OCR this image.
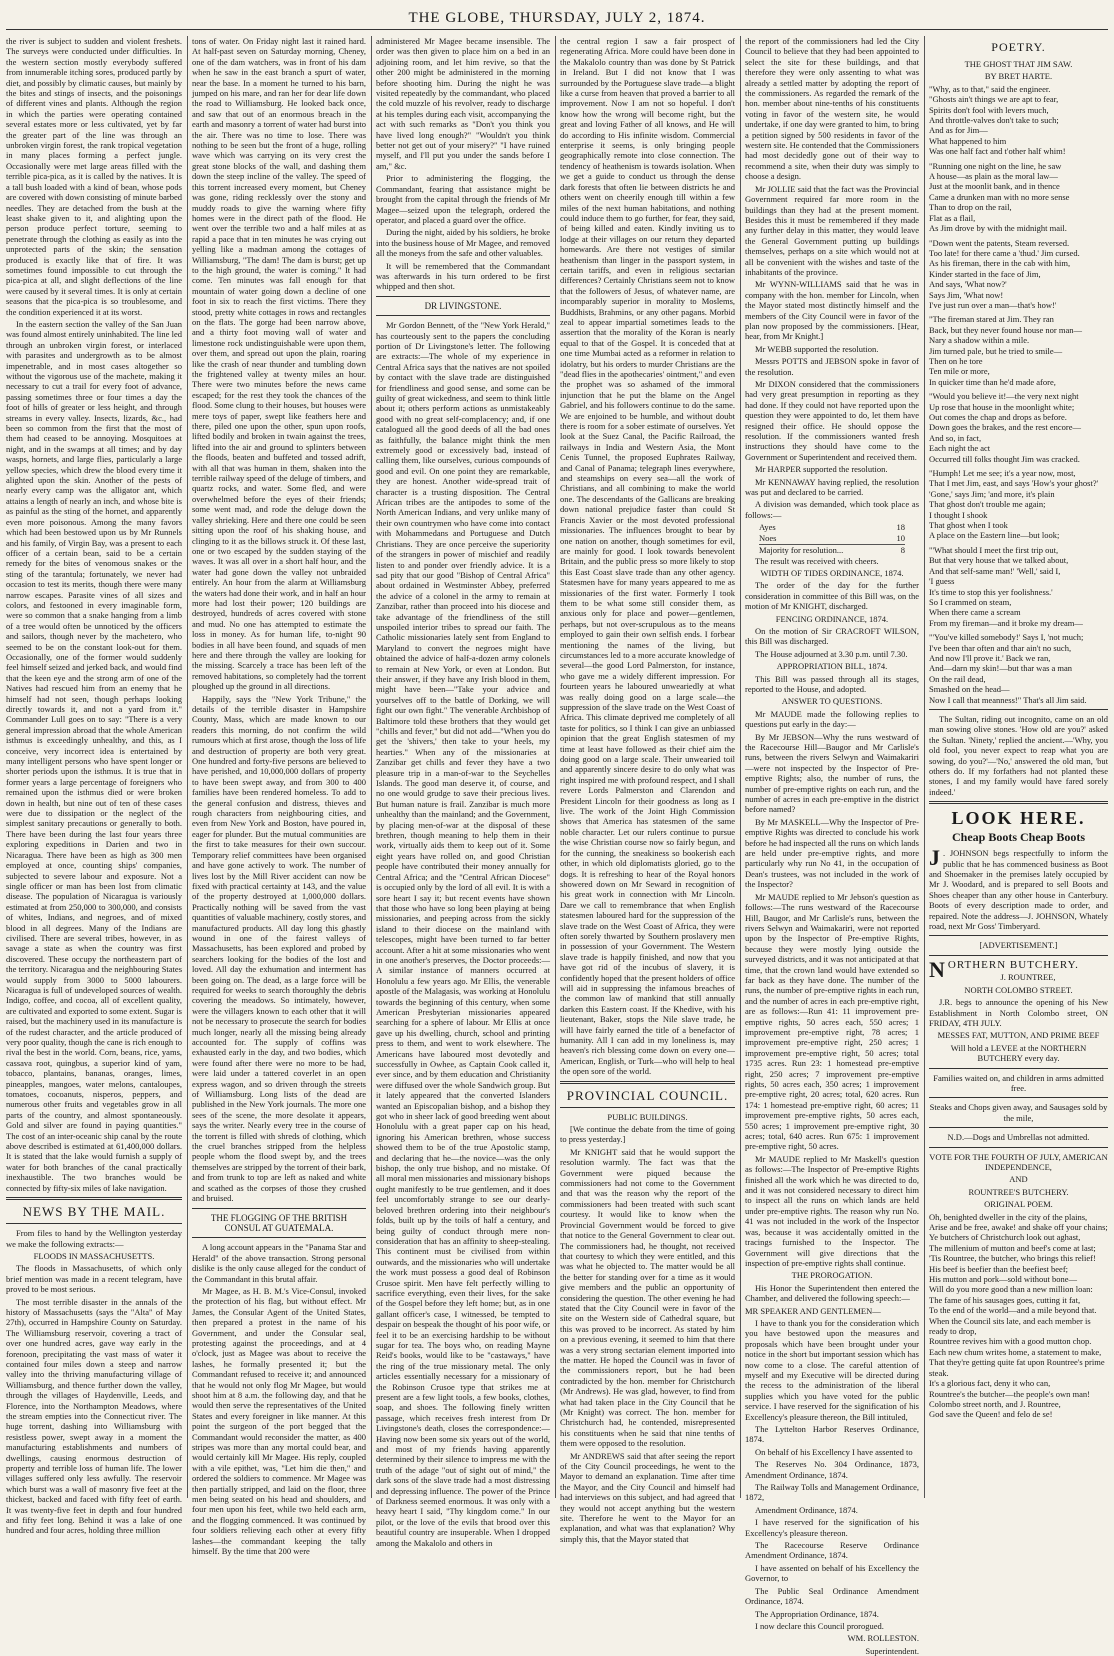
THE GLOBE, THURSDAY, JULY 2, 1874.

the river is subject to sudden and violent freshets. The surveys were conducted under difficulties. In the western section mostly everybody suffered from innumerable itching sores, produced partly by diet, and possibly by climatic causes, but mainly by the bites and stings of insects, and the poisonings of different vines and plants. Although the region in which the parties were operating contained several estates more or less cultivated, yet by far the greater part of the line was through an unbroken virgin forest, the rank tropical vegetation in many places forming a perfect jungle. Occasionally were met large areas filled with the terrible pica-pica, as it is called by the natives. It is a tall bush loaded with a kind of bean, whose pods are covered with down consisting of minute barbed needles. They are detached from the bush at the least shake given to it, and alighting upon the person produce perfect torture, seeming to penetrate through the clothing as easily as into the unprotected parts of the skin; the sensation produced is exactly like that of fire. It was sometimes found impossible to cut through the pica-pica at all, and slight deflections of the line were caused by it several times. It is only at certain seasons that the pica-pica is so troublesome, and the condition experienced it at its worst.

In the eastern section the valley of the San Juan was found almost entirely uninhabited. The line led through an unbroken virgin forest, or interlaced with parasites and undergrowth as to be almost impenetrable, and in most cases altogether so without the vigorous use of the machete, making it necessary to cut a trail for every foot of advance, passing sometimes three or four times a day the foot of hills of greater or less height, and through streams in every valley. Insects, lizards, &c., had been so common from the first that the most of them had ceased to be annoying. Mosquitoes at night, and in the swamps at all times; and by day wasps, hornets, and large flies, particularly a large yellow species, which drew the blood every time it alighted upon the skin. Another of the pests of nearly every camp was the alligator ant, which attains a length of nearly an inch, and whose bite is as painful as the sting of the hornet, and apparently even more poisonous. Among the many favors which had been bestowed upon us by Mr Runnels and his family, of Virgin Bay, was a present to each officer of a certain bean, said to be a certain remedy for the bites of venomous snakes or the sting of the tarantula; fortunately, we never had occasion to test its merits, though there were many narrow escapes. Parasite vines of all sizes and colors, and festooned in every imaginable form, were so common that a snake hanging from a limb of a tree would often be unnoticed by the officers and sailors, though never by the machetero, who seemed to be on the constant look-out for them. Occasionally, one of the former would suddenly feel himself seized and jerked back, and would find that the keen eye and the strong arm of one of the Natives had rescued him from an enemy that he himself had not seen, though perhaps looking directly towards it, and not a yard from it." Commander Lull goes on to say: "There is a very general impression abroad that the whole American isthmus is exceedingly unhealthy, and this, as I conceive, very incorrect idea is entertained by many intelligent persons who have spent longer or shorter periods upon the isthmus. It is true that in former years a large percentage of foreigners who remained upon the isthmus died or were broken down in health, but nine out of ten of these cases were due to dissipation or the neglect of the simplest sanitary precautions or generally to both. There have been during the last four years three exploring expeditions in Darien and two in Nicaragua. There have been as high as 300 men employed at once, counting ships' companies, subjected to severe labour and exposure. Not a single officer or man has been lost from climatic disease. The population of Nicaragua is variously estimated at from 250,000 to 300,000, and consists of whites, Indians, and negroes, and of mixed blood in all degrees. Many of the Indians are civilised. There are several tribes, however, in as savage a state as when the country was first discovered. These occupy the northeastern part of the territory. Nicaragua and the neighbouring States would supply from 3000 to 5000 labourers. Nicaragua is full of undeveloped sources of wealth. Indigo, coffee, and cocoa, all of excellent quality, are cultivated and exported to some extent. Sugar is raised, but the machinery used in its manufacture is of the rudest character, and the article produced of very poor quality, though the cane is rich enough to rival the best in the world. Corn, beans, rice, yams, cassava root, quingbus, a superior kind of yam, tobacco, plantains, bananas, oranges, limes, pineapples, mangoes, water melons, cantaloupes, tomatoes, cocoanuts, nisperos, peppers, and numerous other fruits and vegetables grow in all parts of the country, and almost spontaneously. Gold and silver are found in paying quantities." The cost of an inter-oceanic ship canal by the route above described is estimated at 61,400,000 dollars. It is stated that the lake would furnish a supply of water for both branches of the canal practically inexhaustible. The two branches would be connected by fifty-six miles of lake navigation.

NEWS BY THE MAIL.

From files to hand by the Wellington yesterday we make the following extracts:—

FLOODS IN MASSACHUSETTS.

The floods in Massachusetts, of which only brief mention was made in a recent telegram, have proved to be most serious.

The most terrible disaster in the annals of the history of Massachusetts (says the "Alta" of May 27th), occurred in Hampshire County on Saturday. The Williamsburg reservoir, covering a tract of over one hundred acres, gave way early in the forenoon, precipitating the vast mass of water it contained four miles down a steep and narrow valley into the thriving manufacturing village of Williamsburg, and thence further down the valley, through the villages of Haydenville, Leeds, and Florence, into the Northampton Meadows, where the stream empties into the Connecticut river. The huge torrent, dashing into Williamsburg with resistless power, swept away in a moment the manufacturing establishments and numbers of dwellings, causing enormous destruction of property and terrible loss of human life. The lower villages suffered only less awfully. The reservoir which burst was a wall of masonry five feet at the thickest, backed and faced with fifty feet of earth. It was twenty-five feet in depth and four hundred and fifty feet long. Behind it was a lake of one hundred and four acres, holding three million

tons of water. On Friday night last it rained hard. At half-past seven on Saturday morning, Cheney, one of the dam watchers, was in front of his dam when he saw in the east branch a spurt of water, near the base. In a moment he turned to his barn, jumped on his mare, and ran her for dear life down the road to Williamsburg. He looked back once, and saw that out of an enormous breach in the earth and masonry a torrent of water had burst into the air. There was no time to lose. There was nothing to be seen but the front of a huge, rolling wave which was carrying on its very crest the great stone blocks of the wall, and dashing them down the steep incline of the valley. The speed of this torrent increased every moment, but Cheney was gone, riding recklessly over the stony and muddy roads to give the warning where fifty homes were in the direct path of the flood. He went over the terrible two and a half miles at as rapid a pace that in ten minutes he was crying out yelling like a madman among the cottages of Williamsburg, "The dam! The dam is burst; get up to the high ground, the water is coming." It had come. Ten minutes was fall enough for that mountain of water going down a decline of one foot in six to reach the first victims. There they stood, pretty white cottages in rows and rectangles on the flats. The gorge had been narrow above, and a thirty foot moving wall of water and limestone rock undistinguishable were upon them, over them, and spread out upon the plain, roaring like the crash of near thunder and tumbling down the frightened valley at twenty miles an hour. There were two minutes before the news came escaped; for the rest they took the chances of the flood. Some clung to their houses, but houses were mere toys of paper, swept like feathers here and there, piled one upon the other, spun upon roofs, lifted bodily and broken in twain against the trees, lifted into the air and ground to splinters between the floods, beaten and buffeted and tossed adrift, with all that was human in them, shaken into the terrible railway speed of the deluge of timbers, and quartz rocks, and water. Some fled, and were overwhelmed before the eyes of their friends; some went mad, and rode the deluge down the valley shrieking. Here and there one could be seen sitting upon the roof of his shaking house, and clinging to it as the billows struck it. Of these last, one or two escaped by the sudden staying of the waves. It was all over in a short half hour, and the water had gone down the valley not unbraided entirely. An hour from the alarm at Williamsburg the waters had done their work, and in half an hour more had lost their power; 120 buildings are destroyed, hundreds of acres covered with stone and mud. No one has attempted to estimate the loss in money. As for human life, to-night 90 bodies in all have been found, and squads of men here and there through the valley are looking for the missing. Scarcely a trace has been left of the removed habitations, so completely had the torrent ploughed up the ground in all directions.

Happily, says the "New York Tribune," the details of the terrible disaster in Hampshire County, Mass, which are made known to our readers this morning, do not confirm the wild rumours which at first arose, though the loss of life and destruction of property are both very great. One hundred and forty-five persons are believed to have perished, and 10,000,000 dollars of property to have been swept away, and from 300 to 400 families have been rendered homeless. To add to the general confusion and distress, thieves and rough characters from neighbouring cities, and even from New York and Boston, have poured in, eager for plunder. But the mutual communities are the first to take measures for their own succour. Temporary relief committees have been organised and have gone actively to work. The number of lives lost by the Mill River accident can now be fixed with practical certainty at 143, and the value of the property destroyed at 1,000,000 dollars. Practically nothing will be saved from the vast quantities of valuable machinery, costly stores, and manufactured products. All day long this ghastly wound in one of the fairest valleys of Massachusetts, has been explored and probed by searchers looking for the bodies of the lost and loved. All day the exhumation and interment has been going on. The dead, as a large force will be required for weeks to search thoroughly the debris covering the meadows. So intimately, however, were the villagers known to each other that it will not be necessary to prosecute the search for bodies much longer, nearly all the missing being already accounted for. The supply of coffins was exhausted early in the day, and two bodies, which were found after there were no more to be had, were laid under a tattered coverlet in an open express wagon, and so driven through the streets of Williamsburg. Long lists of the dead are published in the New York journals. The more one sees of the scene, the more desolate it appears, says the writer. Nearly every tree in the course of the torrent is filled with shreds of clothing, which the cruel branches stripped from the helpless people whom the flood swept by, and the trees themselves are stripped by the torrent of their bark, and from trunk to top are left as naked and white and scathed as the corpses of those they crushed and bruised.

THE FLOGGING OF THE BRITISH CONSUL AT GUATEMALA.

A long account appears in the "Panama Star and Herald" of the above transaction. Strong personal dislike is the only cause alleged for the conduct of the Commandant in this brutal affair.

Mr Magee, as H. B. M.'s Vice-Consul, invoked the protection of his flag, but without effect. Mr James, the Consular Agent of the United States, then prepared a protest in the name of his Government, and under the Consular seal, protesting against the proceedings, and at 4 o'clock, just as Magee was about to receive the lashes, he formally presented it; but the Commandant refused to receive it; and announced that he would not only flog Mr Magee, but would shoot him at 8 a.m. the following day, and that he would then serve the representatives of the United States and every foreigner in like manner. At this point the surgeon of the port begged that the Commandant would reconsider the matter, as 400 stripes was more than any mortal could bear, and would certainly kill Mr Magee. His reply, coupled with a vile epithet, was, "Let him die then," and ordered the soldiers to commence. Mr Magee was then partially stripped, and laid on the floor, three men being seated on his head and shoulders, and four men upon his feet, while two held each arm, and the flogging commenced. It was continued by four soldiers relieving each other at every fifty lashes—the commandant keeping the tally himself. By the time that 200 were

administered Mr Magee became insensible. The order was then given to place him on a bed in an adjoining room, and let him revive, so that the other 200 might be administered in the morning before shooting him. During the night he was visited repeatedly by the commandant, who placed the cold muzzle of his revolver, ready to discharge at his temples during each visit, accompanying the act with such remarks as "Don't you think you have lived long enough?" "Wouldn't you think better not get out of your misery?" "I have ruined myself, and I'll put you under the sands before I am," &c.

Prior to administering the flogging, the Commandant, fearing that assistance might be brought from the capital through the friends of Mr Magee—seized upon the telegraph, ordered the operator, and placed a guard over the office.

During the night, aided by his soldiers, he broke into the business house of Mr Magee, and removed all the moneys from the safe and other valuables.

It will be remembered that the Commandant was afterwards in his turn ordered to be first whipped and then shot.

DR LIVINGSTONE.

Mr Gordon Bennett, of the "New York Herald," has courteously sent to the papers the concluding portion of Dr Livingstone's letter. The following are extracts:—The whole of my experience in Central Africa says that the natives are not spoiled by contact with the slave trade are distinguished for friendliness and good sense, and some can be guilty of great wickedness, and seem to think little about it; others perform actions as unmistakeably good with no great self-complacency; and, if one catalogued all the good deeds of all the bad ones as faithfully, the balance might think the men extremely good or excessively bad, instead of calling them, like ourselves, curious compounds of good and evil. On one point they are remarkable, they are honest. Another wide-spread trait of character is a trusting disposition. The Central African tribes are the antipodes to some of the North American Indians, and very unlike many of their own countrymen who have come into contact with Mohammedans and Portuguese and Dutch Christians. They are once perceive the superiority of the strangers in power of mischief and readily listen to and ponder over friendly advice. It is a sad pity that our good "Bishop of Central Africa" about ordained in Westminster Abbey, preferred the advice of a colonel in the army to remain at Zanzibar, rather than proceed into his diocese and take advantage of the friendliness of the still unspoiled interior tribes to spread our faith. The Catholic missionaries lately sent from England to Maryland to convert the negroes might have obtained the advice of half-a-dozen army colonels to remain at New York, or even at London. But their answer, if they have any Irish blood in them, might have been—"Take your advice and yourselves off to the battle of Dorking, we will fight our own fight." The venerable Archbishop of Baltimore told these brothers that they would get "chills and fever," but did not add—"When you do get the 'shivers,' then take to your heels, my hearties." When any of the missionaries at Zanzibar get chills and fever they have a two pleasure trip in a man-of-war to the Seychelles Islands. The good man deserve it, of course, and no one would grudge to save their precious lives. But human nature is frail. Zanzibar is much more unhealthy than the mainland; and the Government, by placing men-of-war at the disposal of these brethren, though meaning to help them in their work, virtually aids them to keep out of it. Some eight years have rolled on, and good Christian people have contributed their money annually for Central Africa; and the "Central African Diocese" is occupied only by the lord of all evil. It is with a sore heart I say it; but recent events have shown that those who have so long been playing at being missionaries, and peeping across from the sickly island to their diocese on the mainland with telescopes, might have been turned to far better account. After a hit at some missionaries who went in one another's preserves, the Doctor proceeds:—A similar instance of manners occurred at Honolulu a few years ago. Mr Ellis, the venerable apostle of the Malagasis, was working at Honolulu towards the beginning of this century, when some American Presbyterian missionaries appeared searching for a sphere of labour. Mr Ellis at once gave up his dwelling, church, school and printing press to them, and went to work elsewhere. The Americans have laboured most devotedly and successfully in Owhee, as Captain Cook called it, ever since, and by them education and Christianity were diffused over the whole Sandwich group. But it lately appeared that the converted Islanders wanted an Episcopalian bishop, and a bishop they got who in sheer lack of good breeding went about Honolulu with a great paper cap on his head, ignoring his American brethren, whose success showed them to be of the true Apostolic stamp, and declaring that he—the novice—was the only bishop, the only true bishop, and no mistake. Of all moral men missionaries and missionary bishops ought manifestly to be true gentlemen, and it does feel uncomfortably strange to see our dearly-beloved brethren ordering into their neighbour's folds, built up by the toils of half a century, and being guilty of conduct through mere non-consideration that has an affinity to sheep-stealing. This continent must be civilised from within outwards, and the missionaries who will undertake the work must possess a good deal of Robinson Crusoe spirit. Men have felt perfectly willing to sacrifice everything, even their lives, for the sake of the Gospel before they left home; but, as in one gallant officer's case, I witnessed, be tempted to despair on bespeak the thought of his poor wife, or feel it to be an exercising hardship to be without sugar for tea. The boys who, on reading Mayne Reid's books, would like to be "castaways," have the ring of the true missionary metal. The only articles essentially necessary for a missionary of the Robinson Crusoe type that strikes me at present are a few light tools, a few books, clothes, soap, and shoes. The following finely written passage, which receives fresh interest from Dr Livingstone's death, closes the correspondence:—Having now been some six years out of the world, and most of my friends having apparently determined by their silence to impress me with the truth of the adage "out of sight out of mind," the dark sons of the slave trade had a most distressing and depressing influence. The power of the Prince of Darkness seemed enormous. It was only with a heavy heart I said, "Thy kingdom come." In our pilot, or the love of the evils that brood over this beautiful country are insuperable. When I dropped among the Makalolo and others in

the central region I saw a fair prospect of regenerating Africa. More could have been done in the Makalolo country than was done by St Patrick in Ireland. But I did not know that I was surrounded by the Portuguese slave trade—a blight like a curse from heaven that proved a barrier to all improvement. Now I am not so hopeful. I don't know how the wrong will become right, but the great and loving Father of all knows, and He will do according to His infinite wisdom. Commercial enterprise it seems, is only bringing people geographically remote into close connection. The tendency of heathenism is towards isolation. When we get a guide to conduct us through the dense dark forests that often lie between districts he and others went on cheerily enough till within a few miles of the next human habitations, and nothing could induce them to go further, for fear, they said, of being killed and eaten. Kindly inviting us to lodge at their villages on our return they departed homewards. Are there not vestiges of similar heathenism than linger in the passport system, in certain tariffs, and even in religious sectarian differences? Certainly Christians seem not to know that the followers of Jesus, of whatever name, are incomparably superior in morality to Moslems, Buddhists, Brahmins, or any other pagans. Morbid zeal to appear impartial sometimes leads to the assertion that the morality of the Koran is nearly equal to that of the Gospel. It is conceded that at one time Mumbai acted as a reformer in relation to idolatry, but his orders to murder Christians are the "dead flies in the apothecaries' ointment," and even the prophet was so ashamed of the immoral injunction that he put the blame on the Angel Gabriel, and his followers continue to do the same. We are enjoined to be humble, and without doubt there is room for a sober estimate of ourselves. Yet look at the Suez Canal, the Pacific Railroad, the railways in India and Western Asia, the Mont Cenis Tunnel, the proposed Euphrates Railway, and Canal of Panama; telegraph lines everywhere, and steamships on every sea—all the work of Christians, and all combining to make the world one. The descendants of the Gallicans are breaking down national prejudice faster than could St Francis Xavier or the most devoted professional missionaries. The influences brought to bear by one nation on another, though sometimes for evil, are mainly for good. I look towards benevolent Britain, and the public press so more likely to stop this East Coast slave trade than any other agency. Statesmen have for many years appeared to me as missionaries of the first water. Formerly I took them to be what some still consider them, as anxious only for place and power—gentlemen, perhaps, but not over-scrupulous as to the means employed to gain their own selfish ends. I forbear mentioning the names of the living, but circumstances led to a more accurate knowledge of several—the good Lord Palmerston, for instance, who gave me a widely different impression. For fourteen years he laboured unweariedly at what was really doing good on a large scale—the suppression of the slave trade on the West Coast of Africa. This climate deprived me completely of all taste for politics, so I think I can give an unbiassed opinion that the great English statesmen of my time at least have followed as their chief aim the doing good on a large scale. Their unwearied toil and apparently sincere desire to do only what was right inspired me with profound respect, and I shall revere Lords Palmerston and Clarendon and President Lincoln for their goodness as long as I live. The work of the Joint High Commission shows that America has statesmen of the same noble character. Let our rulers continue to pursue the wise Christian course now so fairly begun, and for the cunning, the sneakiness so bookerish each other, in which old diplomatists gloried, go to the dogs. It is refreshing to hear of the Royal honors showered down on Mr Seward in recognition of his great work in connection with Mr Lincoln. Dare we call to remembrance that when English statesmen laboured hard for the suppression of the slave trade on the West Coast of Africa, they were often sorely thwarted by Southern proslavery men in possession of your Government. The Western slave trade is happily finished, and now that you have got rid of the incubus of slavery, it is confidently hoped that the present holders of office will aid in suppressing the infamous breaches of the common law of mankind that still annually darken this Eastern coast. If the Khedive, with his lieutenant, Baker, stops the Nile slave trade, he will have fairly earned the title of a benefactor of humanity. All I can add in my loneliness is, may heaven's rich blessing come down on every one—American, English, or Turk—who will help to heal the open sore of the world.

PROVINCIAL COUNCIL.
PUBLIC BUILDINGS.

[We continue the debate from the time of going to press yesterday.]

Mr KNIGHT said that he would support the resolution warmly. The fact was that the Government were piqued because the commissioners had not come to the Government and that was the reason why the report of the commissioners had been treated with such scant courtesy. It would like to know when the Provincial Government would be forced to give that notice to the General Government to clear out. The commissioners had, he thought, not received that courtesy to which they were entitled, and this was what he objected to. The matter would be all the better for standing over for a time as it would give members and the public an opportunity of considering the question. The other evening he had stated that the City Council were in favor of the site on the Western side of Cathedral square, but this was proved to be incorrect. As stated by him on a previous evening, it seemed to him that there was a very strong sectarian element imported into the matter. He hoped the Council was in favor of the commissioners report, but he had been contradicted by the hon. member for Christchurch (Mr Andrews). He was glad, however, to find from what had taken place in the City Council that he (Mr Knight) was correct. The hon. member for Christchurch had, he contended, misrepresented his constituents when he said that nine tenths of them were opposed to the resolution.

Mr ANDREWS said that after seeing the report of the City Council proceedings, he went to the Mayor to demand an explanation. Time after time the Mayor, and the City Council and himself had had interviews on this subject, and had agreed that they would not accept anything but the western site. Therefore he went to the Mayor for an explanation, and what was that explanation? Why simply this, that the Mayor stated that

the report of the commissioners had led the City Council to believe that they had been appointed to select the site for these buildings, and that therefore they were only assenting to what was already a settled matter by adopting the report of the commissioners. As regarded the remark of the hon. member about nine-tenths of his constituents voting in favor of the western site, he would undertake, if one day were granted to him, to bring a petition signed by 500 residents in favor of the western site. He contended that the Commissioners had most decidedly gone out of their way to recommend a site, when their duty was simply to choose a design.

Mr JOLLIE said that the fact was the Provincial Government required far more room in the buildings than they had at the present moment. Besides this it must be remembered if they made any further delay in this matter, they would leave the General Government putting up buildings themselves, perhaps on a site which would not at all be convenient with the wishes and taste of the inhabitants of the province.

Mr WYNN-WILLIAMS said that he was in company with the hon. member for Lincoln, when the Mayor stated most distinctly himself and the members of the City Council were in favor of the plan now proposed by the commissioners. [Hear, hear, from Mr Knight.]

Mr WEBB supported the resolution.

Messrs POTTS and JEBSON spoke in favor of the resolution.

Mr DIXON considered that the commissioners had very great presumption in reporting as they had done. If they could not have reported upon the question they were appointed to do, let them have resigned their office. He should oppose the resolution. If the commissioners wanted fresh instructions they should have come to the Government or Superintendent and received them.

Mr HARPER supported the resolution.

Mr KENNAWAY having replied, the resolution was put and declared to be carried.

A division was demanded, which took place as follows:—

Ayes	18
Noes	10
Majority for resolution...	8

The result was received with cheers.

WIDTH OF TIDES ORDINANCE, 1874.

The order of the day for the further consideration in committee of this Bill was, on the motion of Mr KNIGHT, discharged.

FENCING ORDINANCE, 1874.

On the motion of Sir CRACROFT WILSON, this Bill was discharged.

The House adjourned at 3.30 p.m. until 7.30.

APPROPRIATION BILL, 1874.

This Bill was passed through all its stages, reported to the House, and adopted.

ANSWER TO QUESTIONS.

Mr MAUDE made the following replies to questions put early in the day:—

By Mr JEBSON—Why the runs westward of the Racecourse Hill—Baugor and Mr Carlisle's runs, between the rivers Selwyn and Waimakariri—were not inspected by the Inspector of Pre-emptive Rights; also, the number of runs, the number of pre-emptive rights on each run, and the number of acres in each pre-emptive in the district before named?

By Mr MASKELL—Why the Inspector of Pre-emptive Rights was directed to conclude his work before he had inspected all the runs on which lands are held under pre-emptive rights, and more particularly why run No 41, in the occupation of Dean's trustees, was not included in the work of the Inspector?

Mr MAUDE replied to Mr Jebson's question as follows:—The runs westward of the Racecourse Hill, Baugor, and Mr Carlisle's runs, between the rivers Selwyn and Waimakariri, were not reported upon by the Inspector of Pre-emptive Rights, because they were mostly lying outside the surveyed districts, and it was not anticipated at that time, that the crown land would have extended so far back as they have done. The number of the runs, the number of pre-emptive rights in each run, and the number of acres in each pre-emptive right, are as follows:—Run 41: 11 improvement pre-emptive rights, 50 acres each, 550 acres; 1 improvement pre-emptive right, 78 acres; 1 improvement pre-emptive right, 250 acres; 1 improvement pre-emptive right, 50 acres; total 1735 acres. Run 23: 1 homestead pre-emptive right, 250 acres; 7 improvement pre-emptive rights, 50 acres each, 350 acres; 1 improvement pre-emptive right, 20 acres; total, 620 acres. Run 174: 1 homestead pre-emptive right, 60 acres; 11 improvement pre-emptive rights, 50 acres each, 550 acres; 1 improvement pre-emptive right, 30 acres; total, 640 acres. Run 675: 1 improvement pre-emptive right, 50 acres.

Mr MAUDE replied to Mr Maskell's question as follows:—The Inspector of Pre-emptive Rights finished all the work which he was directed to do, and it was not considered necessary to direct him to inspect all the runs on which lands are held under pre-emptive rights. The reason why run No. 41 was not included in the work of the Inspector was, because it was accidentally omitted in the tracings furnished to the Inspector. The Government will give directions that the inspection of pre-emptive rights shall continue.

THE PROROGATION.

His Honor the Superintendent then entered the Chamber, and delivered the following speech:—

MR SPEAKER AND GENTLEMEN—

I have to thank you for the consideration which you have bestowed upon the measures and proposals which have been brought under your notice in the short but important session which has now come to a close. The careful attention of myself and my Executive will be directed during the recess to the administration of the liberal supplies which you have voted for the public service. I have reserved for the signification of his Excellency's pleasure thereon, the Bill intituled,

The Lyttelton Harbor Reserves Ordinance, 1874.

On behalf of his Excellency I have assented to

The Reserves No. 304 Ordinance, 1873, Amendment Ordinance, 1874.

The Railway Tolls and Management Ordinance, 1872,

Amendment Ordinance, 1874.

I have reserved for the signification of his Excellency's pleasure thereon.

The Racecourse Reserve Ordinance Amendment Ordinance, 1874.

I have assented on behalf of his Excellency the Governor, to

The Public Seal Ordinance Amendment Ordinance, 1874.

The Appropriation Ordinance, 1874.

I now declare this Council prorogued.

WM. ROLLESTON.

Superintendent.

POETRY.
THE GHOST THAT JIM SAW.
BY BRET HARTE.

"Why, as to that," said the engineer.
"Ghosts ain't things we are apt to fear,
Spirits don't fool with levers much,
And throttle-valves don't take to such;
And as for Jim—
What happened to him
Was one half fact and t'other half whim!

"Running one night on the line, he saw
A house—as plain as the moral law—
Just at the moonlit bank, and in thence
Came a drunken man with no more sense
Than to drop on the rail,
Flat as a flail,
As Jim drove by with the midnight mail.

"Down went the patents, Steam reversed.
Too late! for there came a 'thud.' Jim cursed.
As his fireman, there in the cab with him,
Kinder started in the face of Jim,
And says, 'What now?'
Says Jim, 'What now!
I've just run over a man—that's how!'

"The fireman stared at Jim. They ran
Back, but they never found house nor man—
Nary a shadow within a mile.
Jim turned pale, but he tried to smile—
Then on he tore
Ten mile or more,
In quicker time than he'd made afore,

"Would you believe it!—the very next night
Up rose that house in the moonlight white;
Out comes the chap and drops as before.
Down goes the brakes, and the rest encore—
And so, in fact,
Each night the act
Occurred till folks thought Jim was cracked.

"Humph! Let me see; it's a year now, most,
That I met Jim, east, and says 'How's your ghost?'
'Gone,' says Jim; 'and more, it's plain
That ghost don't trouble me again;
I thought I shook
That ghost when I took
A place on the Eastern line—but look;

"'What should I meet the first trip out,
But that very house that we talked about,
And that self-same man!' 'Well,' said I,
'I guess
It's time to stop this yer foolishness.'
So I crammed on steam,
When there came a scream
From my fireman—and it broke my dream—

"'You've killed somebody!' Says I, 'not much;
I've been thar often and thar ain't no such,
And now I'll prove it.' Back we ran,
And—darn my skin!—but thar was a man
On the rail dead,
Smashed on the head—
Now I call that meanness!" That's all Jim said.

The Sultan, riding out incognito, came on an old man sowing olive stones. 'How old are you?' asked the Sultan. 'Ninety,' replied the ancient.—'Why, you old fool, you never expect to reap what you are sowing, do you?'—'No,' answered the old man, 'but others do. If my forfathers had not planted these stones, I and my family would have fared sorely indeed.'

LOOK HERE.
Cheap Boots Cheap Boots

J . JOHNSON begs respectfully to inform the public that he has commenced business as Boot and Shoemaker in the premises lately occupied by Mr J. Woodard, and is prepared to sell Boots and Shoes cheaper than any other house in Canterbury. Boots of every description made to order, and repaired. Note the address—J. JOHNSON, Whately road, next Mr Goss' Timberyard.

[ADVERTISEMENT.]
N ORTHERN BUTCHERY.
J. ROUNTREE,
NORTH COLOMBO STREET.

J.R. begs to announce the opening of his New Establishment in North Colombo street, ON FRIDAY, 4TH JULY.

MESSES FAT, MUTTON, AND PRIME BEEF
Will hold a LEVEE at the NORTHERN BUTCHERY every day.
Families waited on, and children in arms admitted free.
Steaks and Chops given away, and Sausages sold by the mile,
N.D.—Dogs and Umbrellas not admitted.
VOTE FOR THE FOURTH OF JULY, AMERICAN INDEPENDENCE,
AND
ROUNTREE'S BUTCHERY.
ORIGINAL POEM.

Oh, benighted dweller in the city of the plains,
Arise and be free, awake! and shake off your chains;
Ye butchers of Christchurch look out aghast,
The millenium of mutton and beef's come at last;
'Tis Rountree, the butcher, who brings this relief!
His beef is beefier than the beefiest beef;
His mutton and pork—sold without bone—
Will do you more good than a new million loan:
The fame of his sausages goes, cutting it fat,
To the end of the world—and a mile beyond that.
When the Council sits late, and each member is ready to drop,
Rountree revives him with a good mutton chop.
Each new chum writes home, a statement to make,
That they're getting quite fat upon Rountree's prime steak.
It's a glorious fact, deny it who can,
Rountree's the butcher—the people's own man!
Colombo street north, and J. Rountree,
God save the Queen! and felo de se!
